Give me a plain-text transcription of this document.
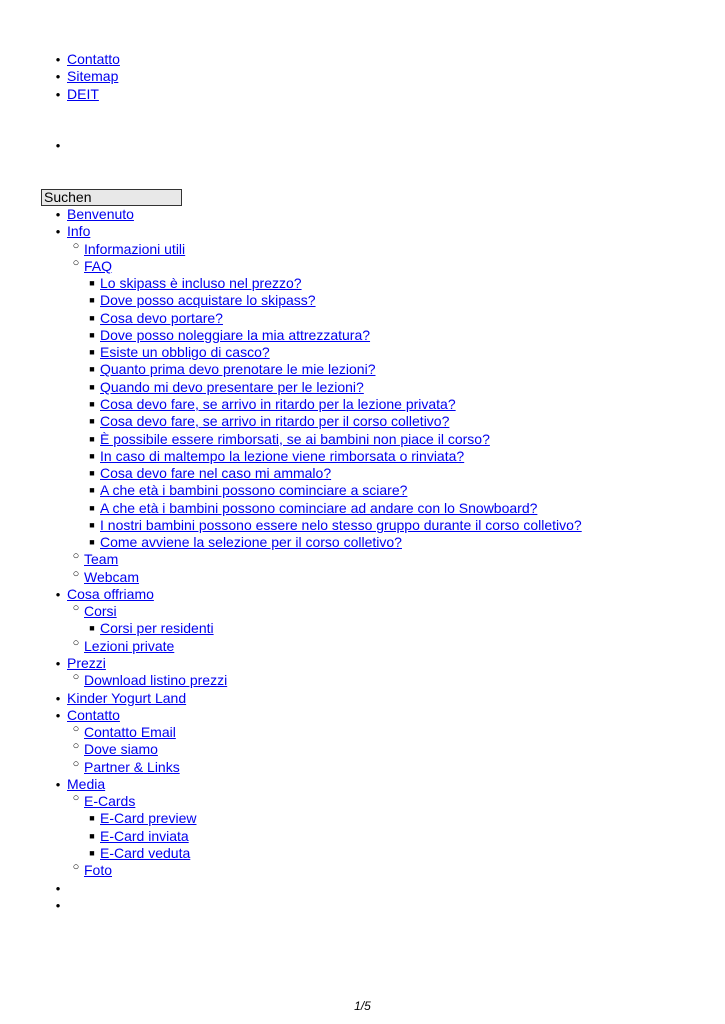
• Contatto
• Sitemap
• DEIT
•
Suchen
• Benvenuto
• Info
○ Informazioni utili
○ FAQ
■ Lo skipass è incluso nel prezzo?
■ Dove posso acquistare lo skipass?
■ Cosa devo portare?
■ Dove posso noleggiare la mia attrezzatura?
■ Esiste un obbligo di casco?
■ Quanto prima devo prenotare le mie lezioni?
■ Quando mi devo presentare per le lezioni?
■ Cosa devo fare, se arrivo in ritardo per la lezione privata?
■ Cosa devo fare, se arrivo in ritardo per il corso colletivo?
■ È possibile essere rimborsati, se ai bambini non piace il corso?
■ In caso di maltempo la lezione viene rimborsata o rinviata?
■ Cosa devo fare nel caso mi ammalo?
■ A che età i bambini possono cominciare a sciare?
■ A che età i bambini possono cominciare ad andare con lo Snowboard?
■ I nostri bambini possono essere nelo stesso gruppo durante il corso colletivo?
■ Come avviene la selezione per il corso colletivo?
○ Team
○ Webcam
• Cosa offriamo
○ Corsi
■ Corsi per residenti
○ Lezioni private
• Prezzi
○ Download listino prezzi
• Kinder Yogurt Land
• Contatto
○ Contatto Email
○ Dove siamo
○ Partner & Links
• Media
○ E-Cards
■ E-Card preview
■ E-Card inviata
■ E-Card veduta
○ Foto
•
•
1/5
